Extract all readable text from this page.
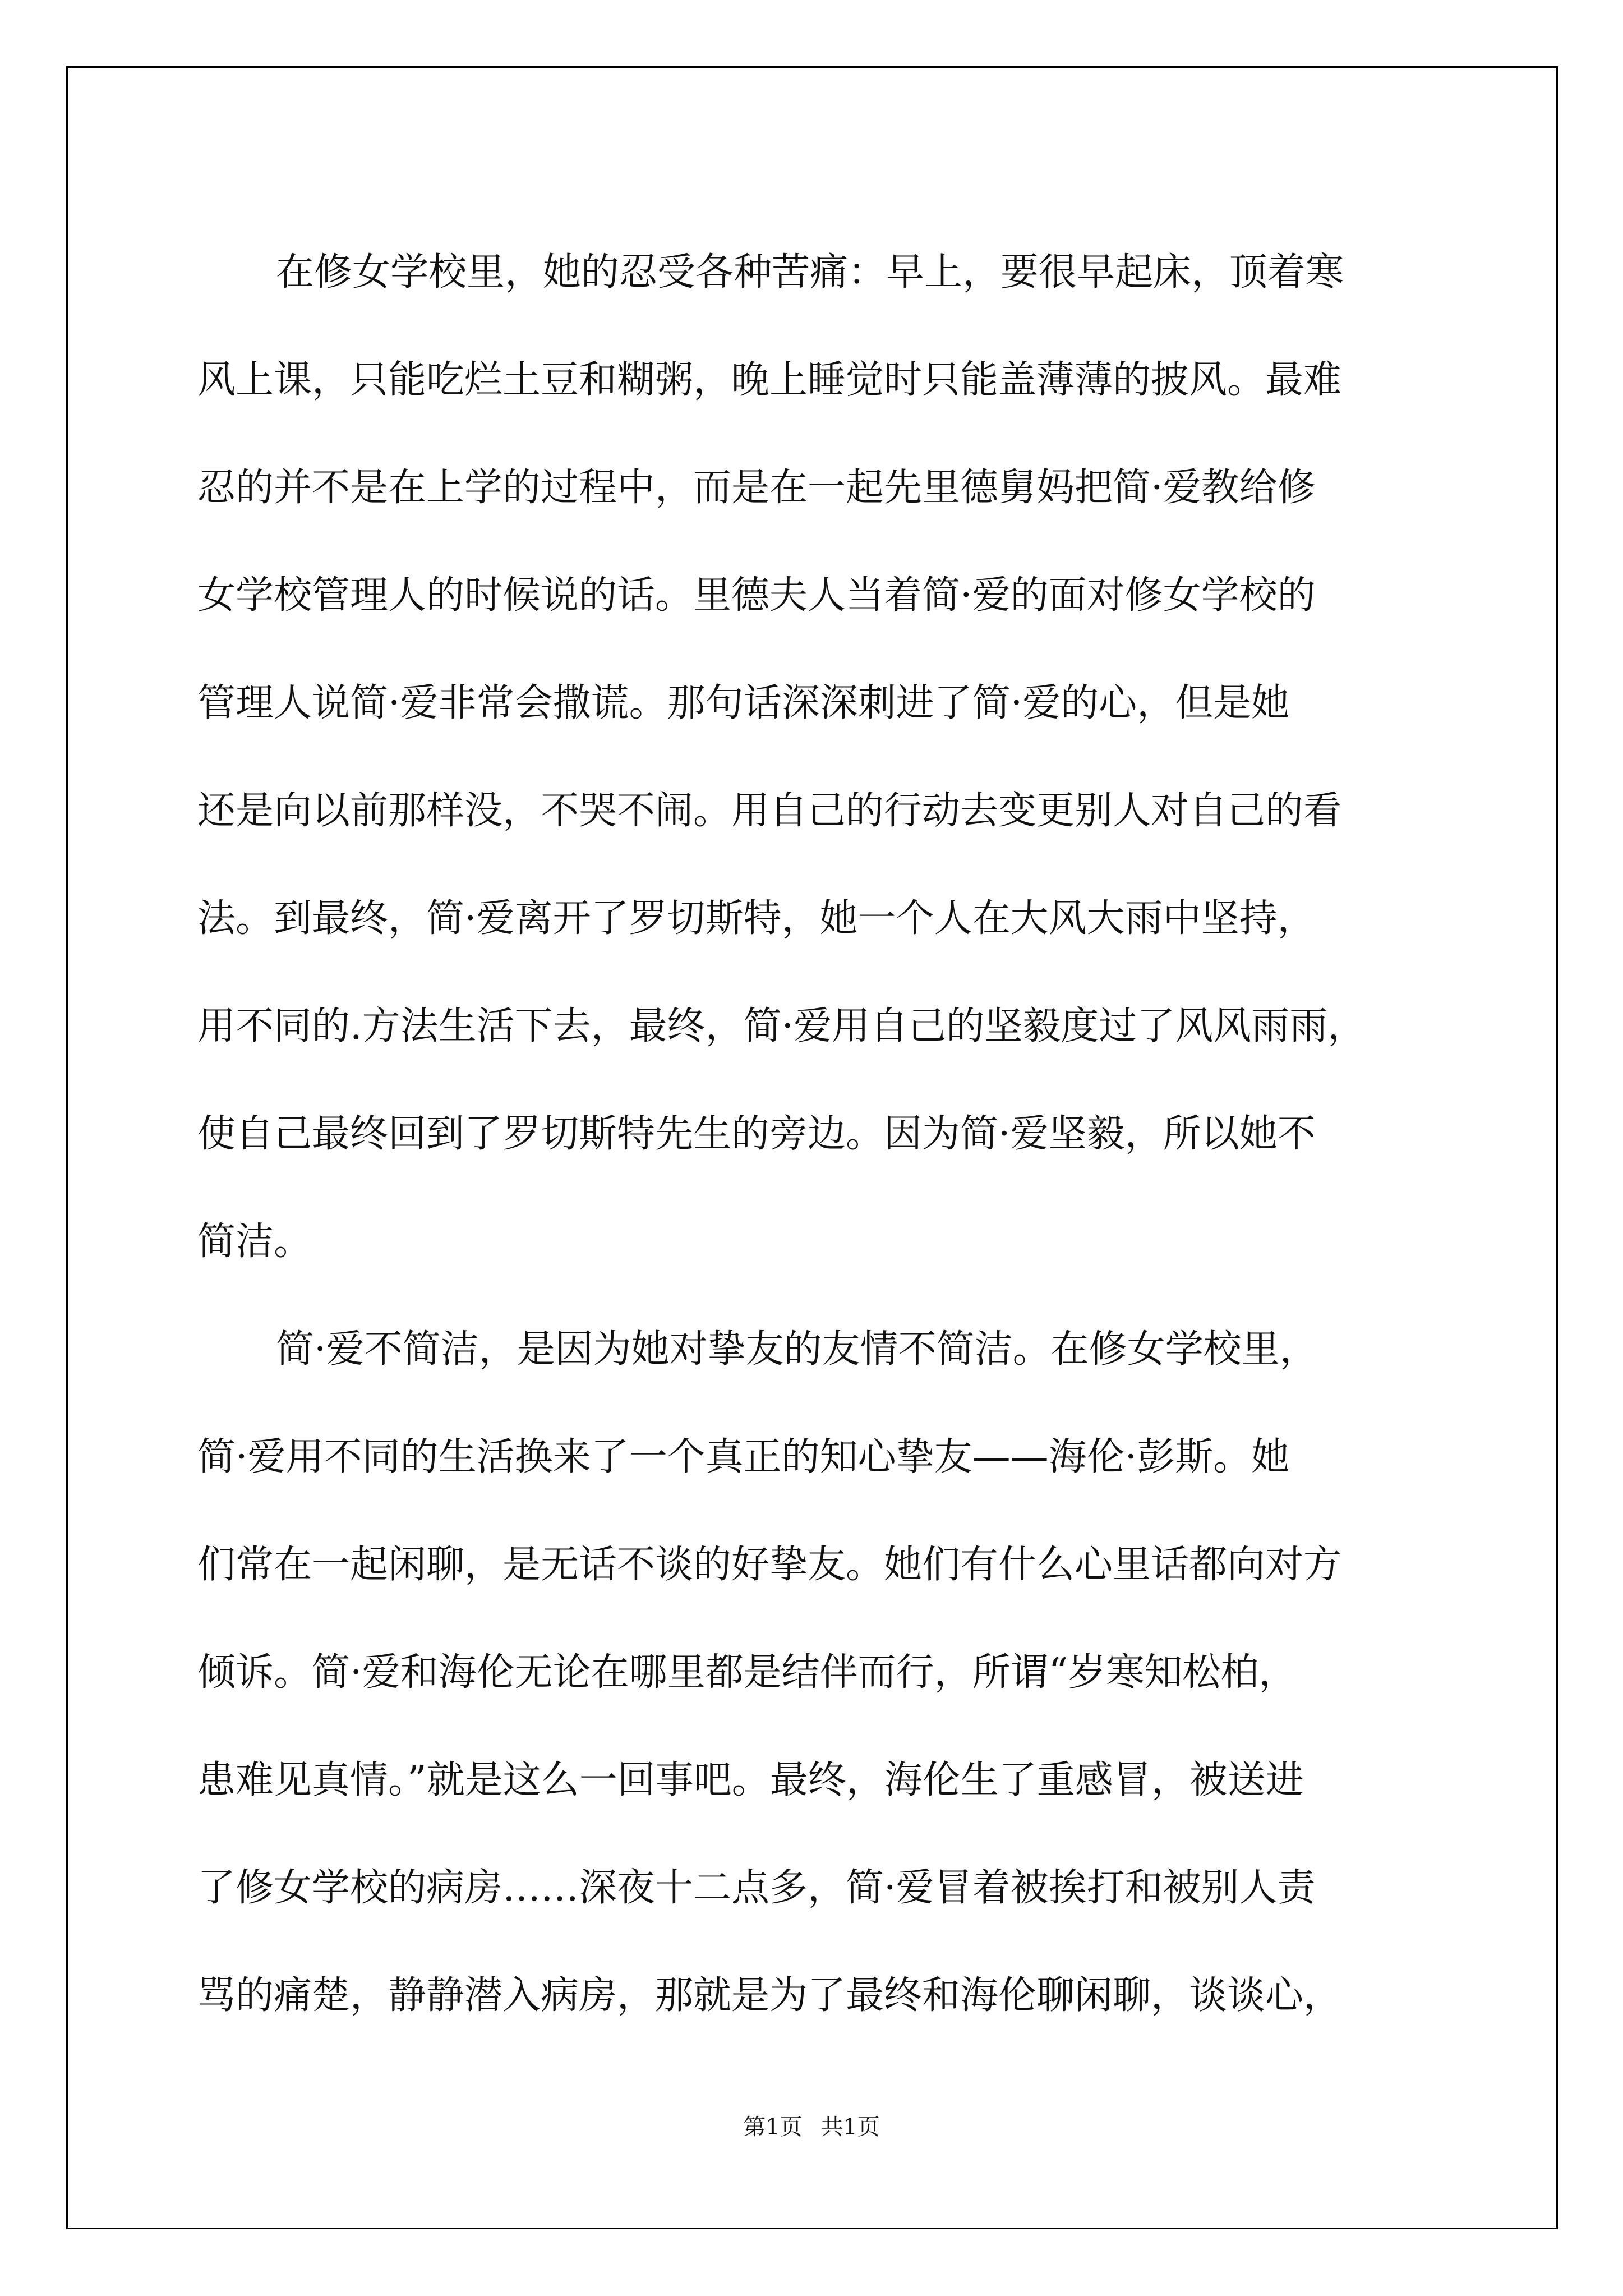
在修女学校里，她的忍受各种苦痛：早上，要很早起床，顶着寒
风上课，只能吃烂土豆和糊粥，晚上睡觉时只能盖薄薄的披风。最难
忍的并不是在上学的过程中，而是在一起先里德舅妈把简·爱教给修
女学校管理人的时候说的话。里德夫人当着简·爱的面对修女学校的
管理人说简·爱非常会撒谎。那句话深深刺进了简·爱的心，但是她
还是向以前那样没，不哭不闹。用自己的行动去变更别人对自己的看
法。到最终，简·爱离开了罗切斯特，她一个人在大风大雨中坚持，
用不同的.方法生活下去，最终，简·爱用自己的坚毅度过了风风雨雨，
使自己最终回到了罗切斯特先生的旁边。因为简·爱坚毅，所以她不
简洁。
简·爱不简洁，是因为她对挚友的友情不简洁。在修女学校里，
简·爱用不同的生活换来了一个真正的知心挚友——海伦·彭斯。她
们常在一起闲聊，是无话不谈的好挚友。她们有什么心里话都向对方
倾诉。简·爱和海伦无论在哪里都是结伴而行，所谓“岁寒知松柏，
患难见真情。”就是这么一回事吧。最终，海伦生了重感冒，被送进
了修女学校的病房……深夜十二点多，简·爱冒着被挨打和被别人责
骂的痛楚，静静潜入病房，那就是为了最终和海伦聊闲聊，谈谈心，
第1页 共1页
